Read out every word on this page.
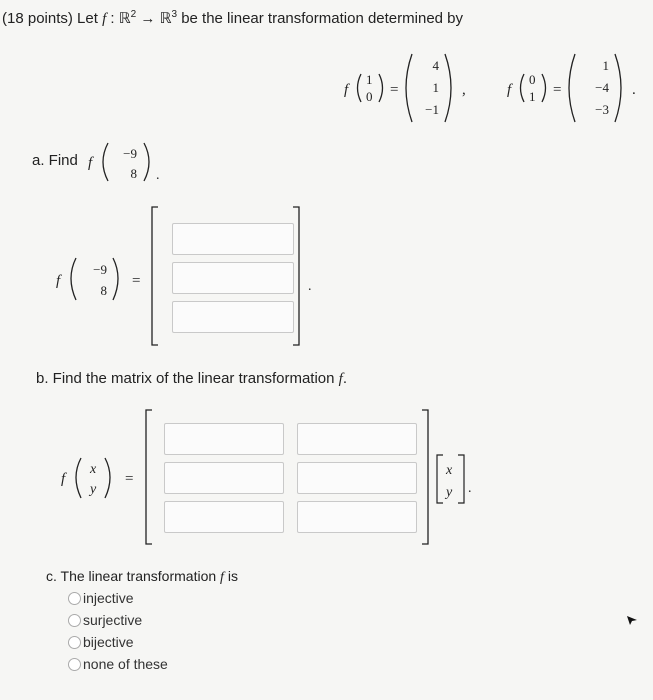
(18 points) Let f : ℝ$^2$ → ℝ$^3$ be the linear transformation determined by
f
1
0 =
4
1
−1
,	f
0
1 =
1
−4
−3
.
a. Find f
−9
8 .
f
−9
8
=	.
b. Find the matrix of the linear transformation f.
f
x
y
=
x
y .
c. The linear transformation f is
injective
surjective
bijective
none of these
